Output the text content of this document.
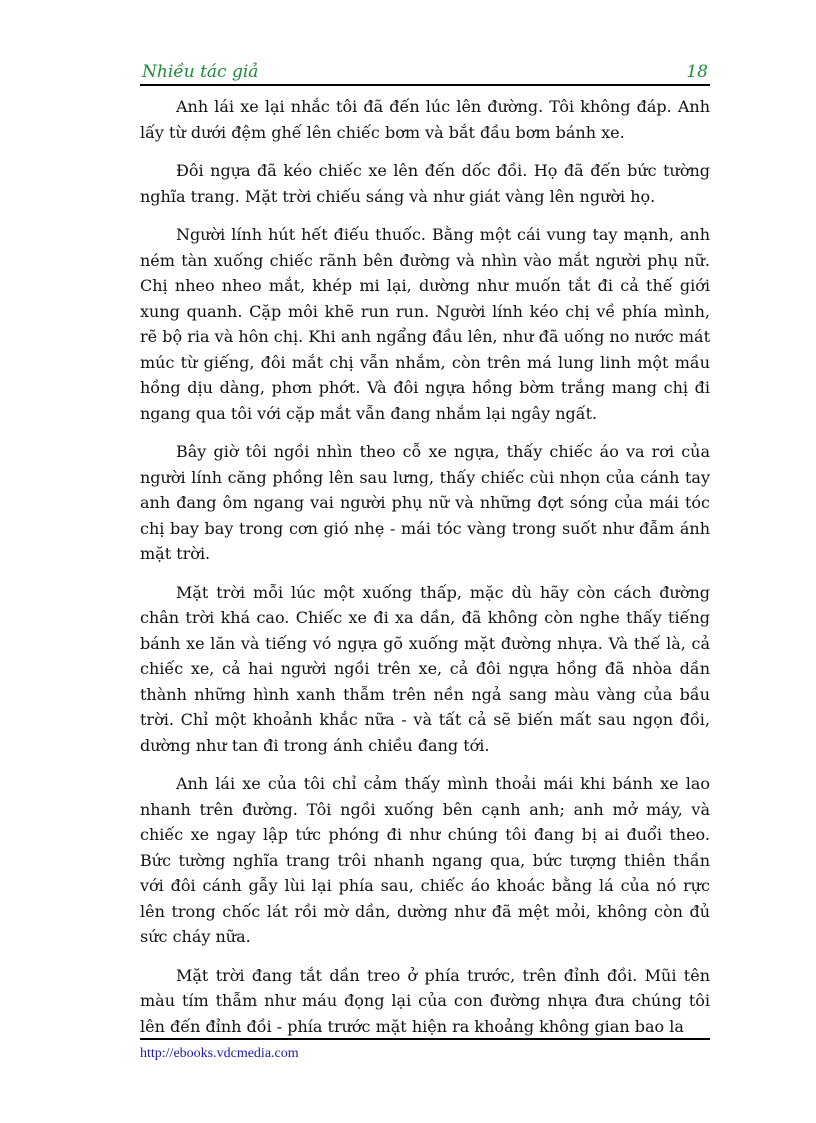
Nhiều tác giả	18

Anh lái xe lại nhắc tôi đã đến lúc lên đường. Tôi không đáp. Anh lấy từ dưới đệm ghế lên chiếc bơm và bắt đầu bơm bánh xe.

Đôi ngựa đã kéo chiếc xe lên đến dốc đồi. Họ đã đến bức tường nghĩa trang. Mặt trời chiếu sáng và như giát vàng lên người họ.

Người lính hút hết điếu thuốc. Bằng một cái vung tay mạnh, anh ném tàn xuống chiếc rãnh bên đường và nhìn vào mắt người phụ nữ. Chị nheo nheo mắt, khép mi lại, dường như muốn tắt đi cả thế giới xung quanh. Cặp môi khẽ run run. Người lính kéo chị về phía mình, rẽ bộ ria và hôn chị. Khi anh ngẩng đầu lên, như đã uống no nước mát múc từ giếng, đôi mắt chị vẫn nhắm, còn trên má lung linh một mầu hồng dịu dàng, phơn phớt. Và đôi ngựa hồng bờm trắng mang chị đi ngang qua tôi với cặp mắt vẫn đang nhắm lại ngây ngất.

Bây giờ tôi ngồi nhìn theo cỗ xe ngựa, thấy chiếc áo va rơi của người lính căng phồng lên sau lưng, thấy chiếc cùi nhọn của cánh tay anh đang ôm ngang vai người phụ nữ và những đợt sóng của mái tóc chị bay bay trong cơn gió nhẹ - mái tóc vàng trong suốt như đẫm ánh mặt trời.

Mặt trời mỗi lúc một xuống thấp, mặc dù hãy còn cách đường chân trời khá cao. Chiếc xe đi xa dần, đã không còn nghe thấy tiếng bánh xe lăn và tiếng vó ngựa gõ xuống mặt đường nhựa. Và thế là, cả chiếc xe, cả hai người ngồi trên xe, cả đôi ngựa hồng đã nhòa dần thành những hình xanh thẫm trên nền ngả sang màu vàng của bầu trời. Chỉ một khoảnh khắc nữa - và tất cả sẽ biến mất sau ngọn đồi, dường như tan đi trong ánh chiều đang tới.

Anh lái xe của tôi chỉ cảm thấy mình thoải mái khi bánh xe lao nhanh trên đường. Tôi ngồi xuống bên cạnh anh; anh mở máy, và chiếc xe ngay lập tức phóng đi như chúng tôi đang bị ai đuổi theo. Bức tường nghĩa trang trôi nhanh ngang qua, bức tượng thiên thần với đôi cánh gẫy lùi lại phía sau, chiếc áo khoác bằng lá của nó rực lên trong chốc lát rồi mờ dần, dường như đã mệt mỏi, không còn đủ sức cháy nữa.

Mặt trời đang tắt dần treo ở phía trước, trên đỉnh đồi. Mũi tên màu tím thẫm như máu đọng lại của con đường nhựa đưa chúng tôi lên đến đỉnh đồi - phía trước mặt hiện ra khoảng không gian bao la

http://ebooks.vdcmedia.com
